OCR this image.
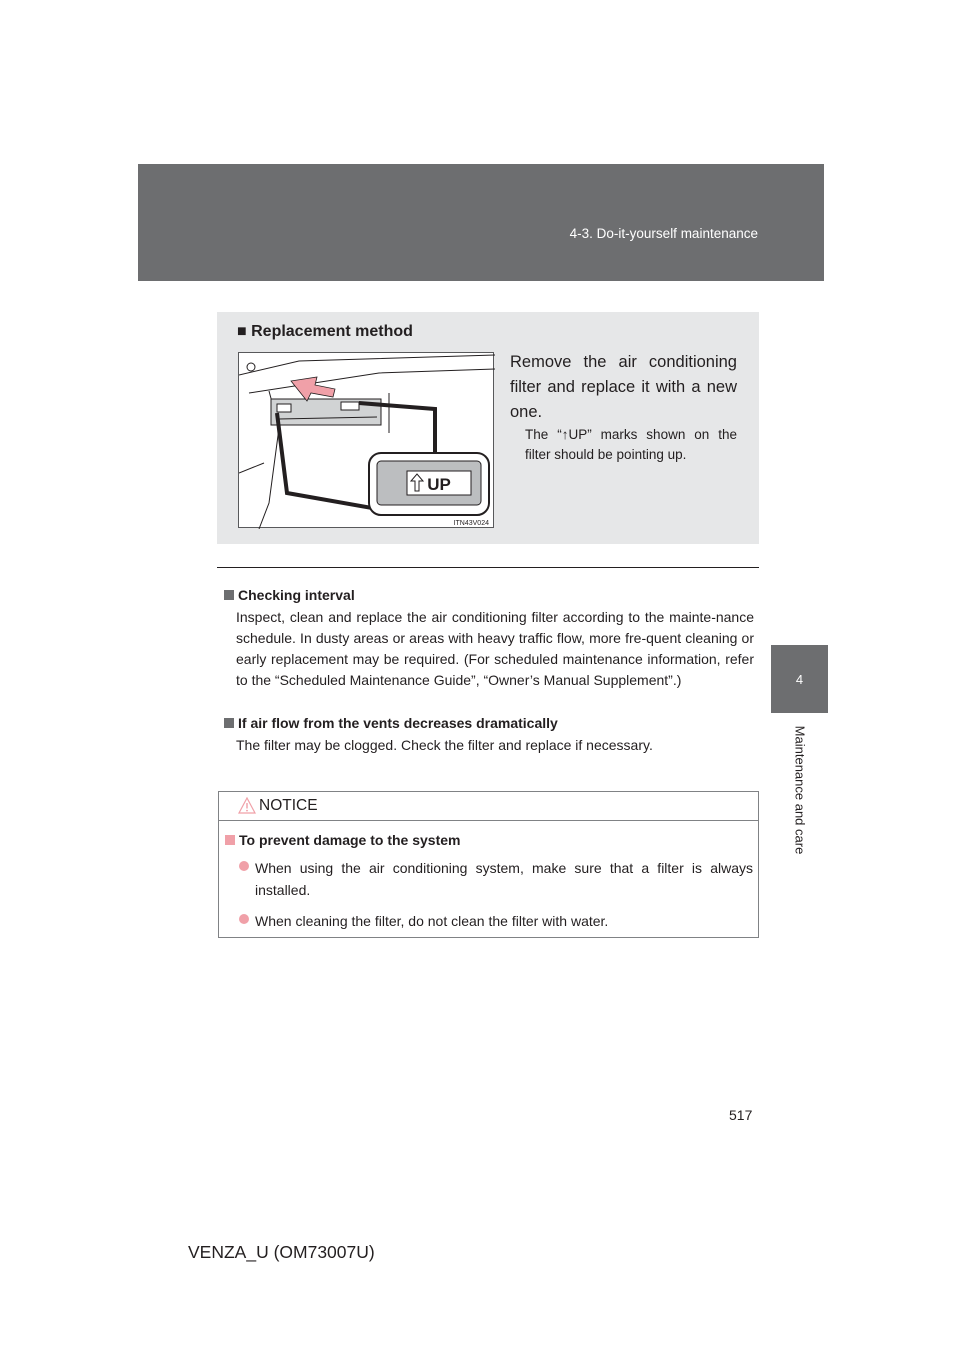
4-3. Do-it-yourself maintenance
4
Maintenance and care
■ Replacement method
UP
ITN43V024
Remove the air conditioning filter and replace it with a new one.
The “↑UP” marks shown on the filter should be pointing up.
Checking interval
Inspect, clean and replace the air conditioning filter according to the mainte-nance schedule. In dusty areas or areas with heavy traffic flow, more fre-quent cleaning or early replacement may be required. (For scheduled maintenance information, refer to the “Scheduled Maintenance Guide”, “Owner’s Manual Supplement”.)
If air flow from the vents decreases dramatically
The filter may be clogged. Check the filter and replace if necessary.
NOTICE
To prevent damage to the system
When using the air conditioning system, make sure that a filter is always installed.
When cleaning the filter, do not clean the filter with water.
517
VENZA_U (OM73007U)
